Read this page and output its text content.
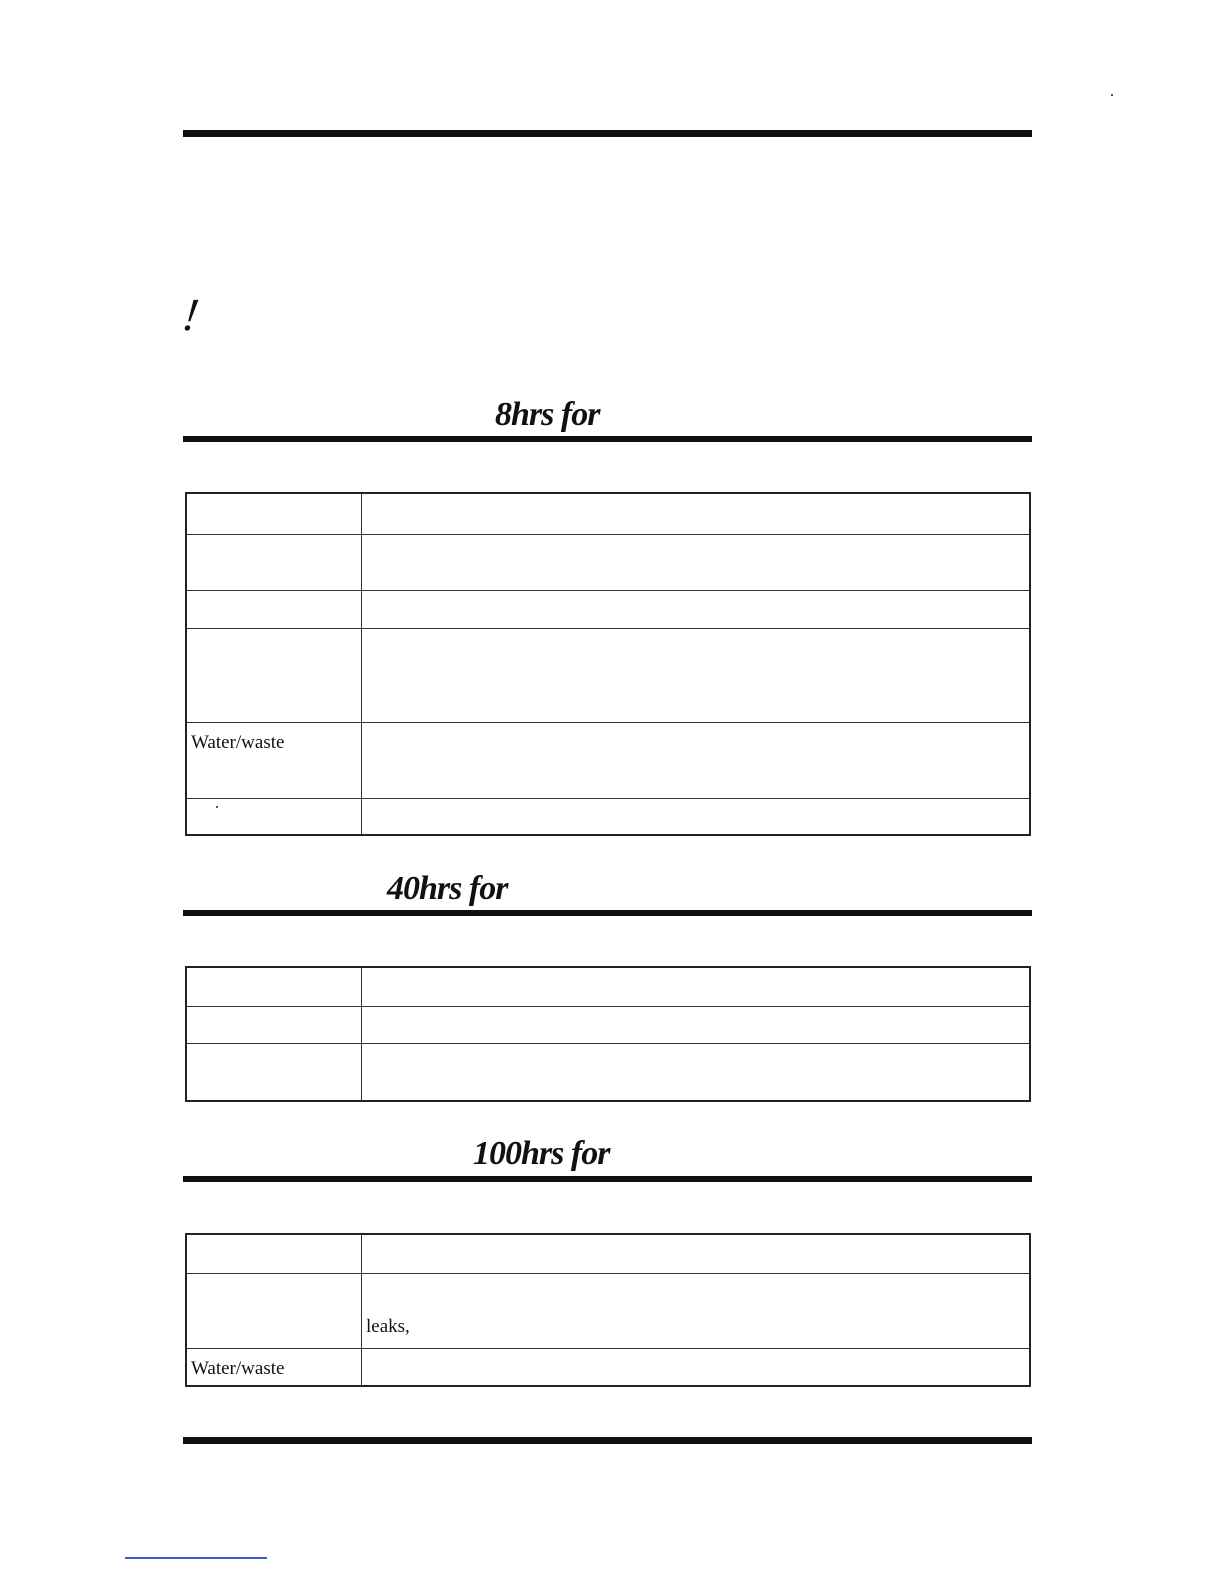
!
8hrs for

Water/waste	

40hrs for

100hrs for

	leaks,

Water/waste	
